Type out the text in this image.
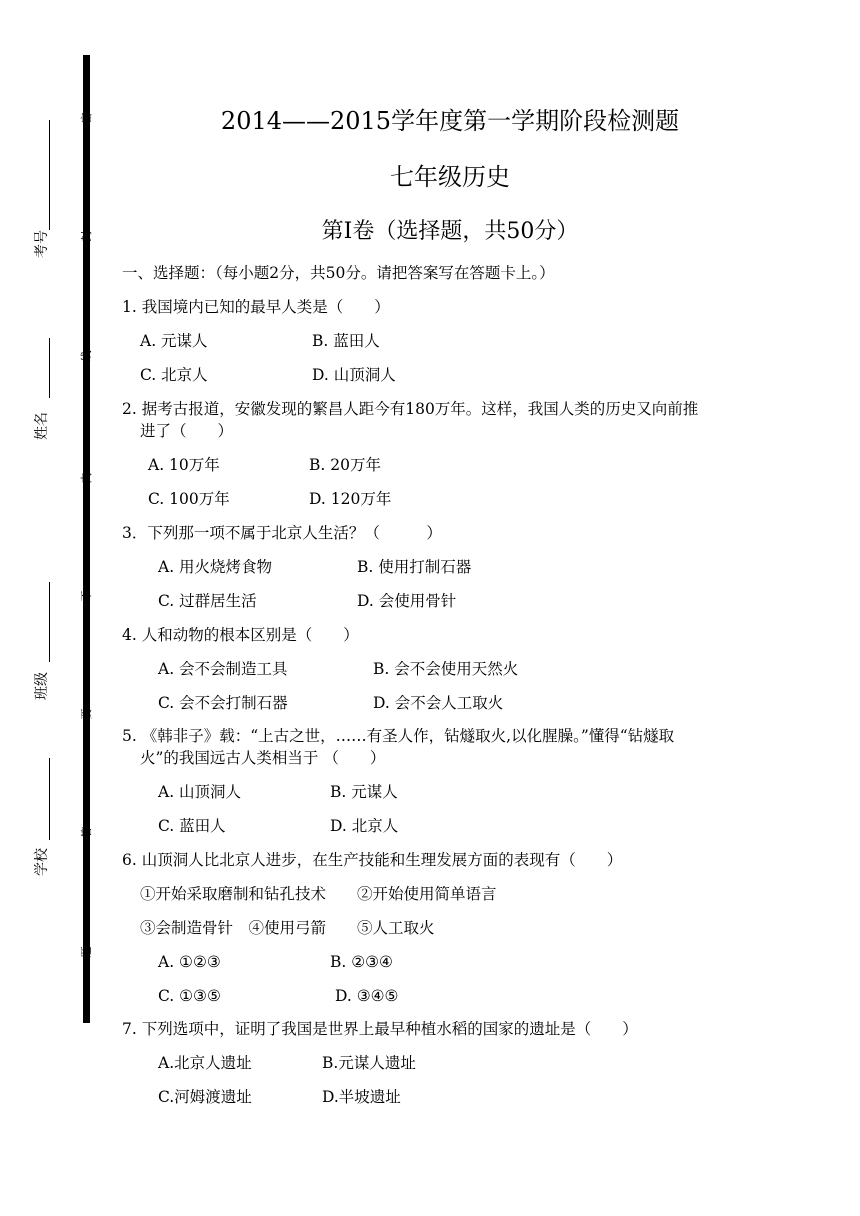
考号
姓名
班级
学校
密
封
线
内
不
要
答
题
2014——2015学年度第一学期阶段检测题
七年级历史
第Ⅰ卷（选择题，共50分）
一、选择题：（每小题2分，共50分。请把答案写在答题卡上。）
1. 我国境内已知的最早人类是（　　）
A. 元谋人	B. 蓝田人
C. 北京人	D. 山顶洞人
2. 据考古报道，安徽发现的繁昌人距今有180万年。这样，我国人类的历史又向前推
进了（　　）
A. 10万年	B. 20万年
C. 100万年	D. 120万年
3．下列那一项不属于北京人生活？（　　　）
A. 用火烧烤食物	B. 使用打制石器
C. 过群居生活	D. 会使用骨针
4. 人和动物的根本区别是（　　）
A. 会不会制造工具	B. 会不会使用天然火
C. 会不会打制石器	D. 会不会人工取火
5. 《韩非子》载：“上古之世，……有圣人作，钻燧取火,以化腥臊。”懂得“钻燧取
火”的我国远古人类相当于 （　　）
A. 山顶洞人	B. 元谋人
C. 蓝田人	D. 北京人
6. 山顶洞人比北京人进步，在生产技能和生理发展方面的表现有（　　）
①开始采取磨制和钻孔技术　　②开始使用简单语言
③会制造骨针　④使用弓箭　　⑤人工取火
A. ①②③	B. ②③④
C. ①③⑤	D. ③④⑤
7. 下列选项中，证明了我国是世界上最早种植水稻的国家的遗址是（　　）
A.北京人遗址	B.元谋人遗址
C.河姆渡遗址	D.半坡遗址
